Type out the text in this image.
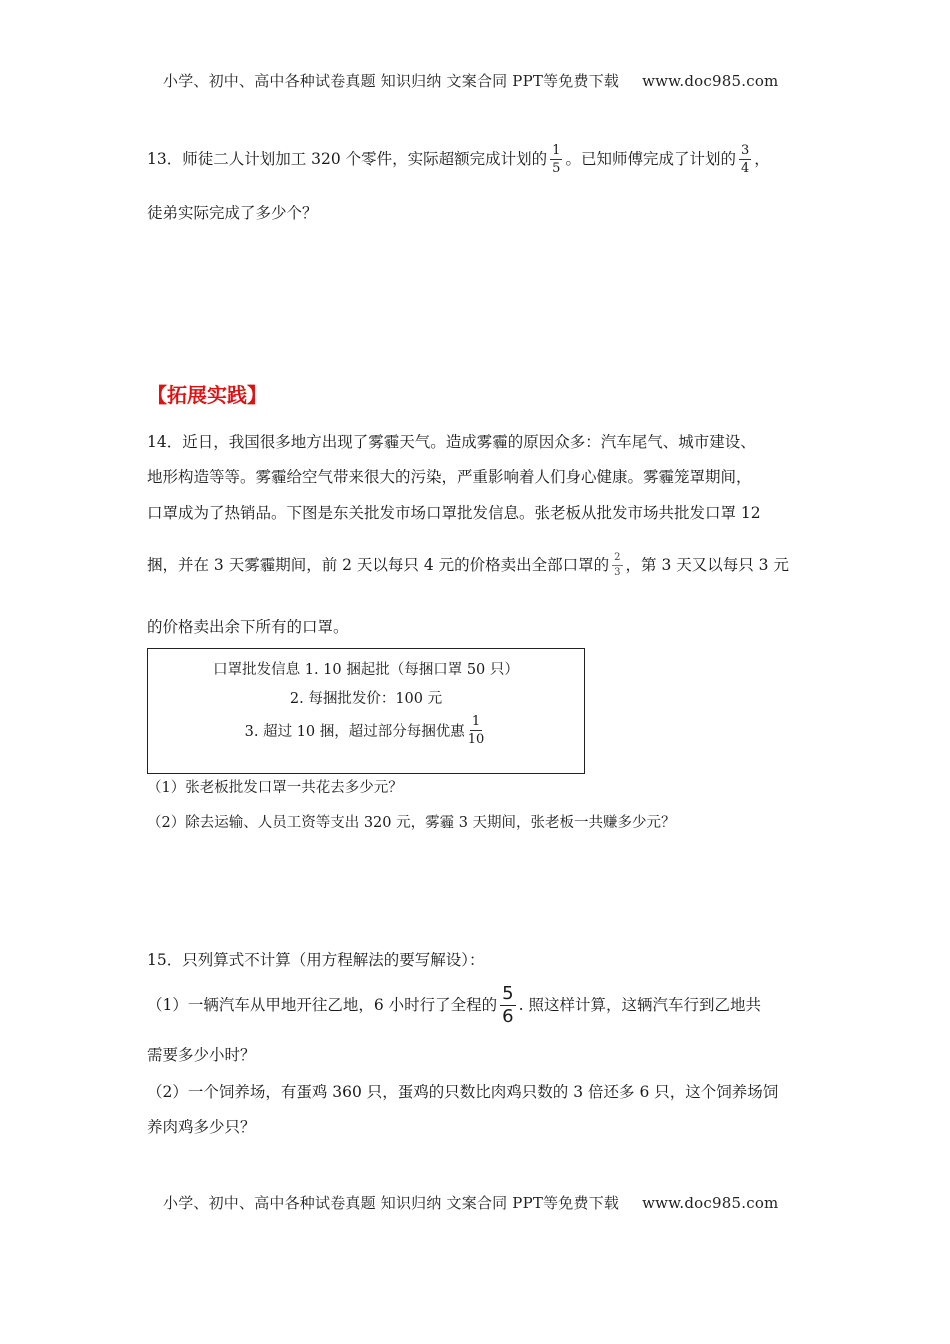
小学、初中、高中各种试卷真题 知识归纳 文案合同 PPT等免费下载 www.doc985.com
13．师徒二人计划加工 320 个零件，实际超额完成计划的 $\frac{1}{5}$ 。已知师傅完成了计划的 $\frac{3}{4}$ ，
徒弟实际完成了多少个？
【拓展实践】
14．近日，我国很多地方出现了雾霾天气。造成雾霾的原因众多：汽车尾气、城市建设、
地形构造等等。雾霾给空气带来很大的污染，严重影响着人们身心健康。雾霾笼罩期间，
口罩成为了热销品。下图是东关批发市场口罩批发信息。张老板从批发市场共批发口罩 12
捆，并在 3 天雾霾期间，前 2 天以每只 4 元的价格卖出全部口罩的 $\frac{2}{3}$ ，第 3 天又以每只 3 元
的价格卖出余下所有的口罩。
口罩批发信息 1. 10 捆起批（每捆口罩 50 只）
2. 每捆批发价：100 元
3. 超过 10 捆，超过部分每捆优惠 $\frac{1}{10}$
（1）张老板批发口罩一共花去多少元？
（2）除去运输、人员工资等支出 320 元，雾霾 3 天期间，张老板一共赚多少元？
15．只列算式不计算（用方程解法的要写解设）：
（1）一辆汽车从甲地开往乙地，6 小时行了全程的 $\frac{5}{6}$ . 照这样计算，这辆汽车行到乙地共
需要多少小时？
（2）一个饲养场，有蛋鸡 360 只，蛋鸡的只数比肉鸡只数的 3 倍还多 6 只，这个饲养场饲
养肉鸡多少只？
小学、初中、高中各种试卷真题 知识归纳 文案合同 PPT等免费下载 www.doc985.com
